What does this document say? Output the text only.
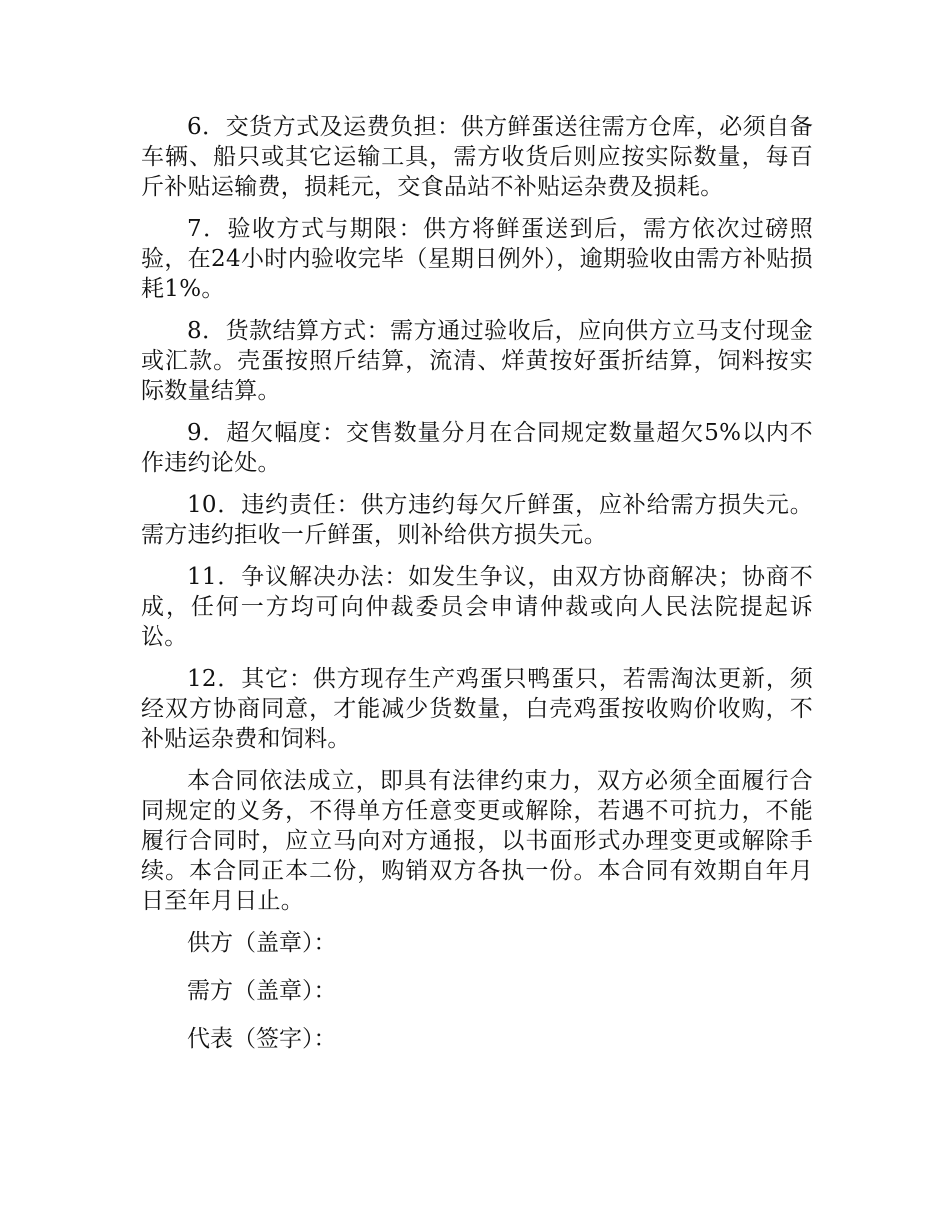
6．交货方式及运费负担：供方鲜蛋送往需方仓库，必须自备车辆、船只或其它运输工具，需方收货后则应按实际数量，每百斤补贴运输费，损耗元，交食品站不补贴运杂费及损耗。

7．验收方式与期限：供方将鲜蛋送到后，需方依次过磅照验，在24小时内验收完毕（星期日例外），逾期验收由需方补贴损耗1%。

8．货款结算方式：需方通过验收后，应向供方立马支付现金或汇款。壳蛋按照斤结算，流清、烊黄按好蛋折结算，饲料按实际数量结算。

9．超欠幅度：交售数量分月在合同规定数量超欠5%以内不作违约论处。

10．违约责任：供方违约每欠斤鲜蛋，应补给需方损失元。需方违约拒收一斤鲜蛋，则补给供方损失元。

11．争议解决办法：如发生争议，由双方协商解决；协商不成，任何一方均可向仲裁委员会申请仲裁或向人民法院提起诉讼。

12．其它：供方现存生产鸡蛋只鸭蛋只，若需淘汰更新，须经双方协商同意，才能减少货数量，白壳鸡蛋按收购价收购，不补贴运杂费和饲料。

本合同依法成立，即具有法律约束力，双方必须全面履行合同规定的义务，不得单方任意变更或解除，若遇不可抗力，不能履行合同时，应立马向对方通报，以书面形式办理变更或解除手续。本合同正本二份，购销双方各执一份。本合同有效期自年月日至年月日止。

供方（盖章）：
需方（盖章）：
代表（签字）：
